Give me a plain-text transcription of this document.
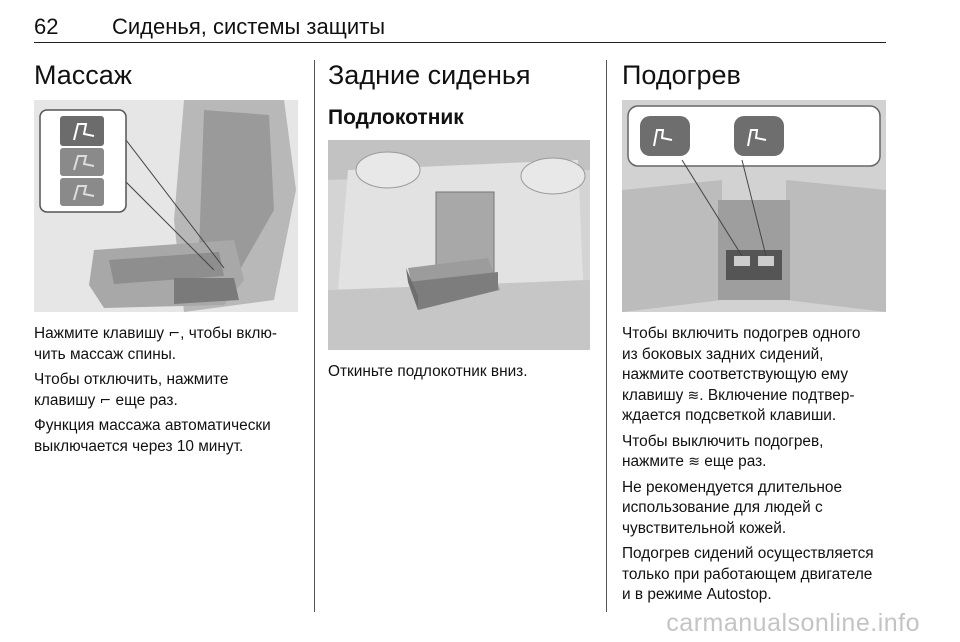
62 Сиденья, системы защиты
Массаж

Нажмите клавишу ⌐, чтобы вклю-
чить массаж спины.

Чтобы отключить, нажмите
клавишу ⌐ еще раз.

Функция массажа автоматически
выключается через 10 минут.

Задние сиденья
Подлокотник

Откиньте подлокотник вниз.

Подогрев

Чтобы включить подогрев одного
из боковых задних сидений,
нажмите соответствующую ему
клавишу ≋. Включение подтвер-
ждается подсветкой клавиши.

Чтобы выключить подогрев,
нажмите ≋ еще раз.

Не рекомендуется длительное
использование для людей с
чувствительной кожей.

Подогрев сидений осуществляется
только при работающем двигателе
и в режиме Autostop.

carmanualsonline.info
